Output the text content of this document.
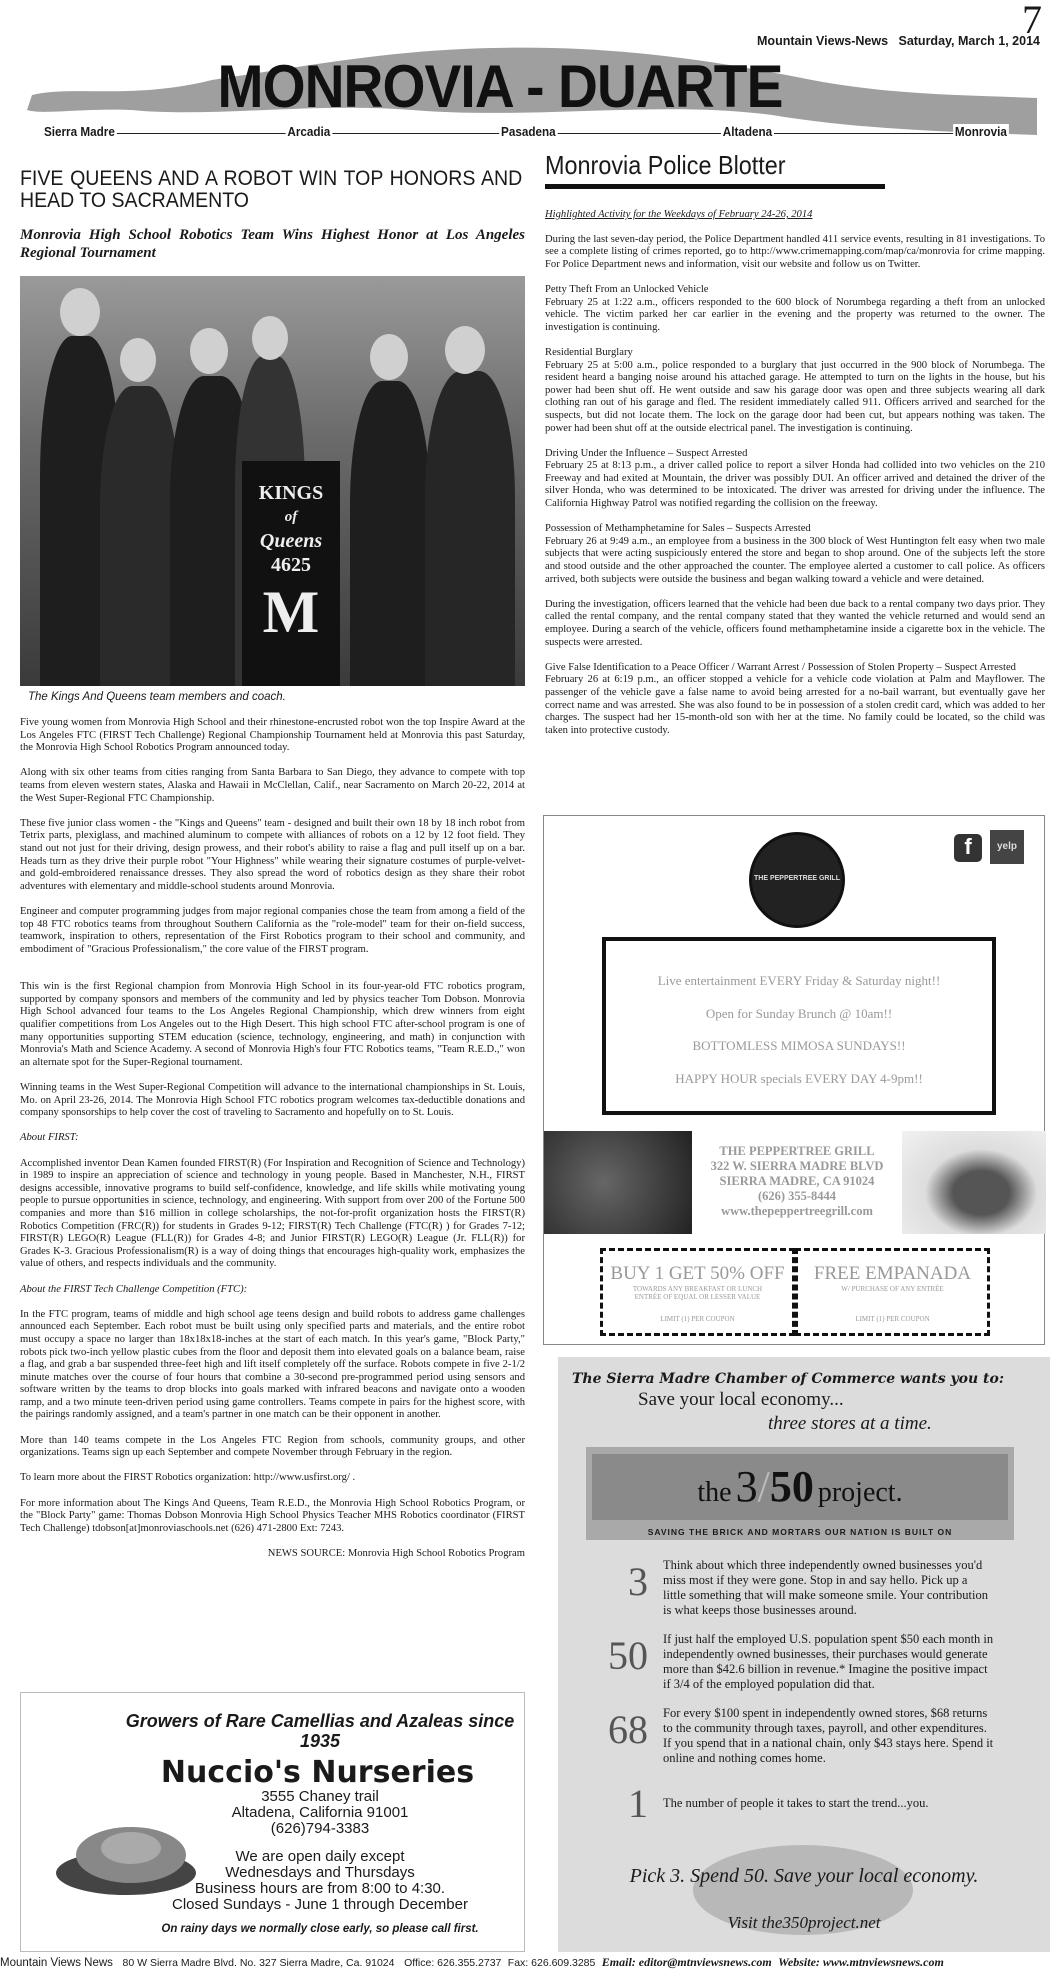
7
Mountain Views-News Saturday, March 1, 2014
MONROVIA - DUARTE
Sierra Madre	Arcadia	Pasadena	Altadena	Monrovia
FIVE QUEENS AND A ROBOT WIN TOP HONORS AND HEAD TO SACRAMENTO
Monrovia High School Robotics Team Wins Highest Honor at Los Angeles Regional Tournament
KINGS
of
Queens
4625
M
The Kings And Queens team members and coach.

Five young women from Monrovia High School and their rhinestone-encrusted robot won the top Inspire Award at the Los Angeles FTC (FIRST Tech Challenge) Regional Championship Tournament held at Monrovia this past Saturday, the Monrovia High School Robotics Program announced today.

Along with six other teams from cities ranging from Santa Barbara to San Diego, they advance to compete with top teams from eleven western states, Alaska and Hawaii in McClellan, Calif., near Sacramento on March 20-22, 2014 at the West Super-Regional FTC Championship.

These five junior class women - the "Kings and Queens" team - designed and built their own 18 by 18 inch robot from Tetrix parts, plexiglass, and machined aluminum to compete with alliances of robots on a 12 by 12 foot field. They stand out not just for their driving, design prowess, and their robot's ability to raise a flag and pull itself up on a bar. Heads turn as they drive their purple robot "Your Highness" while wearing their signature costumes of purple-velvet-and gold-embroidered renaissance dresses. They also spread the word of robotics design as they share their robot adventures with elementary and middle-school students around Monrovia.

Engineer and computer programming judges from major regional companies chose the team from among a field of the top 48 FTC robotics teams from throughout Southern California as the "role-model" team for their on-field success, teamwork, inspiration to others, representation of the First Robotics program to their school and community, and embodiment of "Gracious Professionalism," the core value of the FIRST program.

This win is the first Regional champion from Monrovia High School in its four-year-old FTC robotics program, supported by company sponsors and members of the community and led by physics teacher Tom Dobson. Monrovia High School advanced four teams to the Los Angeles Regional Championship, which drew winners from eight qualifier competitions from Los Angeles out to the High Desert. This high school FTC after-school program is one of many opportunities supporting STEM education (science, technology, engineering, and math) in conjunction with Monrovia's Math and Science Academy. A second of Monrovia High's four FTC Robotics teams, "Team R.E.D.," won an alternate spot for the Super-Regional tournament.

Winning teams in the West Super-Regional Competition will advance to the international championships in St. Louis, Mo. on April 23-26, 2014. The Monrovia High School FTC robotics program welcomes tax-deductible donations and company sponsorships to help cover the cost of traveling to Sacramento and hopefully on to St. Louis.

About FIRST:

Accomplished inventor Dean Kamen founded FIRST(R) (For Inspiration and Recognition of Science and Technology) in 1989 to inspire an appreciation of science and technology in young people. Based in Manchester, N.H., FIRST designs accessible, innovative programs to build self-confidence, knowledge, and life skills while motivating young people to pursue opportunities in science, technology, and engineering. With support from over 200 of the Fortune 500 companies and more than $16 million in college scholarships, the not-for-profit organization hosts the FIRST(R) Robotics Competition (FRC(R)) for students in Grades 9-12; FIRST(R) Tech Challenge (FTC(R) ) for Grades 7-12; FIRST(R) LEGO(R) League (FLL(R)) for Grades 4-8; and Junior FIRST(R) LEGO(R) League (Jr. FLL(R)) for Grades K-3. Gracious Professionalism(R) is a way of doing things that encourages high-quality work, emphasizes the value of others, and respects individuals and the community.

About the FIRST Tech Challenge Competition (FTC):

In the FTC program, teams of middle and high school age teens design and build robots to address game challenges announced each September. Each robot must be built using only specified parts and materials, and the entire robot must occupy a space no larger than 18x18x18-inches at the start of each match. In this year's game, "Block Party," robots pick two-inch yellow plastic cubes from the floor and deposit them into elevated goals on a balance beam, raise a flag, and grab a bar suspended three-feet high and lift itself completely off the surface. Robots compete in five 2-1/2 minute matches over the course of four hours that combine a 30-second pre-programmed period using sensors and software written by the teams to drop blocks into goals marked with infrared beacons and navigate onto a wooden ramp, and a two minute teen-driven period using game controllers. Teams compete in pairs for the highest score, with the pairings randomly assigned, and a team's partner in one match can be their opponent in another.

More than 140 teams compete in the Los Angeles FTC Region from schools, community groups, and other organizations. Teams sign up each September and compete November through February in the region.

To learn more about the FIRST Robotics organization: http://www.usfirst.org/ .

For more information about The Kings And Queens, Team R.E.D., the Monrovia High School Robotics Program, or the "Block Party" game: Thomas Dobson Monrovia High School Physics Teacher MHS Robotics coordinator (FIRST Tech Challenge) tdobson[at]monroviaschools.net (626) 471-2800 Ext: 7243.

NEWS SOURCE: Monrovia High School Robotics Program

Growers of Rare Camellias and Azaleas since 1935
Nuccio's Nurseries
3555 Chaney trail
Altadena, California 91001
(626)794-3383
We are open daily except
Wednesdays and Thursdays
Business hours are from 8:00 to 4:30.
Closed Sundays - June 1 through December
On rainy days we normally close early, so please call first.
Monrovia Police Blotter

Highlighted Activity for the Weekdays of February 24-26, 2014

During the last seven-day period, the Police Department handled 411 service events, resulting in 81 investigations. To see a complete listing of crimes reported, go to http://www.crimemapping.com/map/ca/monrovia for crime mapping. For Police Department news and information, visit our website and follow us on Twitter.

Petty Theft From an Unlocked Vehicle

February 25 at 1:22 a.m., officers responded to the 600 block of Norumbega regarding a theft from an unlocked vehicle. The victim parked her car earlier in the evening and the property was returned to the owner. The investigation is continuing.

Residential Burglary

February 25 at 5:00 a.m., police responded to a burglary that just occurred in the 900 block of Norumbega. The resident heard a banging noise around his attached garage. He attempted to turn on the lights in the house, but his power had been shut off. He went outside and saw his garage door was open and three subjects wearing all dark clothing ran out of his garage and fled. The resident immediately called 911. Officers arrived and searched for the suspects, but did not locate them. The lock on the garage door had been cut, but appears nothing was taken. The power had been shut off at the outside electrical panel. The investigation is continuing.

Driving Under the Influence – Suspect Arrested

February 25 at 8:13 p.m., a driver called police to report a silver Honda had collided into two vehicles on the 210 Freeway and had exited at Mountain, the driver was possibly DUI. An officer arrived and detained the driver of the silver Honda, who was determined to be intoxicated. The driver was arrested for driving under the influence. The California Highway Patrol was notified regarding the collision on the freeway.

Possession of Methamphetamine for Sales – Suspects Arrested

February 26 at 9:49 a.m., an employee from a business in the 300 block of West Huntington felt easy when two male subjects that were acting suspiciously entered the store and began to shop around. One of the subjects left the store and stood outside and the other approached the counter. The employee alerted a customer to call police. As officers arrived, both subjects were outside the business and began walking toward a vehicle and were detained.

During the investigation, officers learned that the vehicle had been due back to a rental company two days prior. They called the rental company, and the rental company stated that they wanted the vehicle returned and would send an employee. During a search of the vehicle, officers found methamphetamine inside a cigarette box in the vehicle. The suspects were arrested.

Give False Identification to a Peace Officer / Warrant Arrest / Possession of Stolen Property – Suspect Arrested

February 26 at 6:19 p.m., an officer stopped a vehicle for a vehicle code violation at Palm and Mayflower. The passenger of the vehicle gave a false name to avoid being arrested for a no-bail warrant, but eventually gave her correct name and was arrested. She was also found to be in possession of a stolen credit card, which was added to her charges. The suspect had her 15-month-old son with her at the time. No family could be located, so the child was taken into protective custody.

THE PEPPERTREE GRILL
f	yelp
Live entertainment EVERY Friday & Saturday night!!
Open for Sunday Brunch @ 10am!!
BOTTOMLESS MIMOSA SUNDAYS!!
HAPPY HOUR specials EVERY DAY 4-9pm!!
THE PEPPERTREE GRILL
322 W. SIERRA MADRE BLVD
SIERRA MADRE, CA 91024
(626) 355-8444
www.thepeppertreegrill.com
BUY 1 GET 50% OFF
TOWARDS ANY BREAKFAST OR LUNCH ENTRÉE OF EQUAL OR LESSER VALUE
LIMIT (1) PER COUPON
FREE EMPANADA
W/ PURCHASE OF ANY ENTRÉE
LIMIT (1) PER COUPON
The Sierra Madre Chamber of Commerce wants you to:
Save your local economy...
three stores at a time.
the 3/50 project.
SAVING THE BRICK AND MORTARS OUR NATION IS BUILT ON
3	Think about which three independently owned businesses you'd miss most if they were gone. Stop in and say hello. Pick up a little something that will make someone smile. Your contribution is what keeps those businesses around.
50	If just half the employed U.S. population spent $50 each month in independently owned businesses, their purchases would generate more than $42.6 billion in revenue.* Imagine the positive impact if 3/4 of the employed population did that.
68	For every $100 spent in independently owned stores, $68 returns to the community through taxes, payroll, and other expenditures. If you spend that in a national chain, only $43 stays here. Spend it online and nothing comes home.
1	The number of people it takes to start the trend...you.
Pick 3. Spend 50. Save your local economy.
Visit the350project.net
Mountain Views News 80 W Sierra Madre Blvd. No. 327 Sierra Madre, Ca. 91024 Office: 626.355.2737 Fax: 626.609.3285 Email: editor@mtnviewsnews.com Website: www.mtnviewsnews.com
